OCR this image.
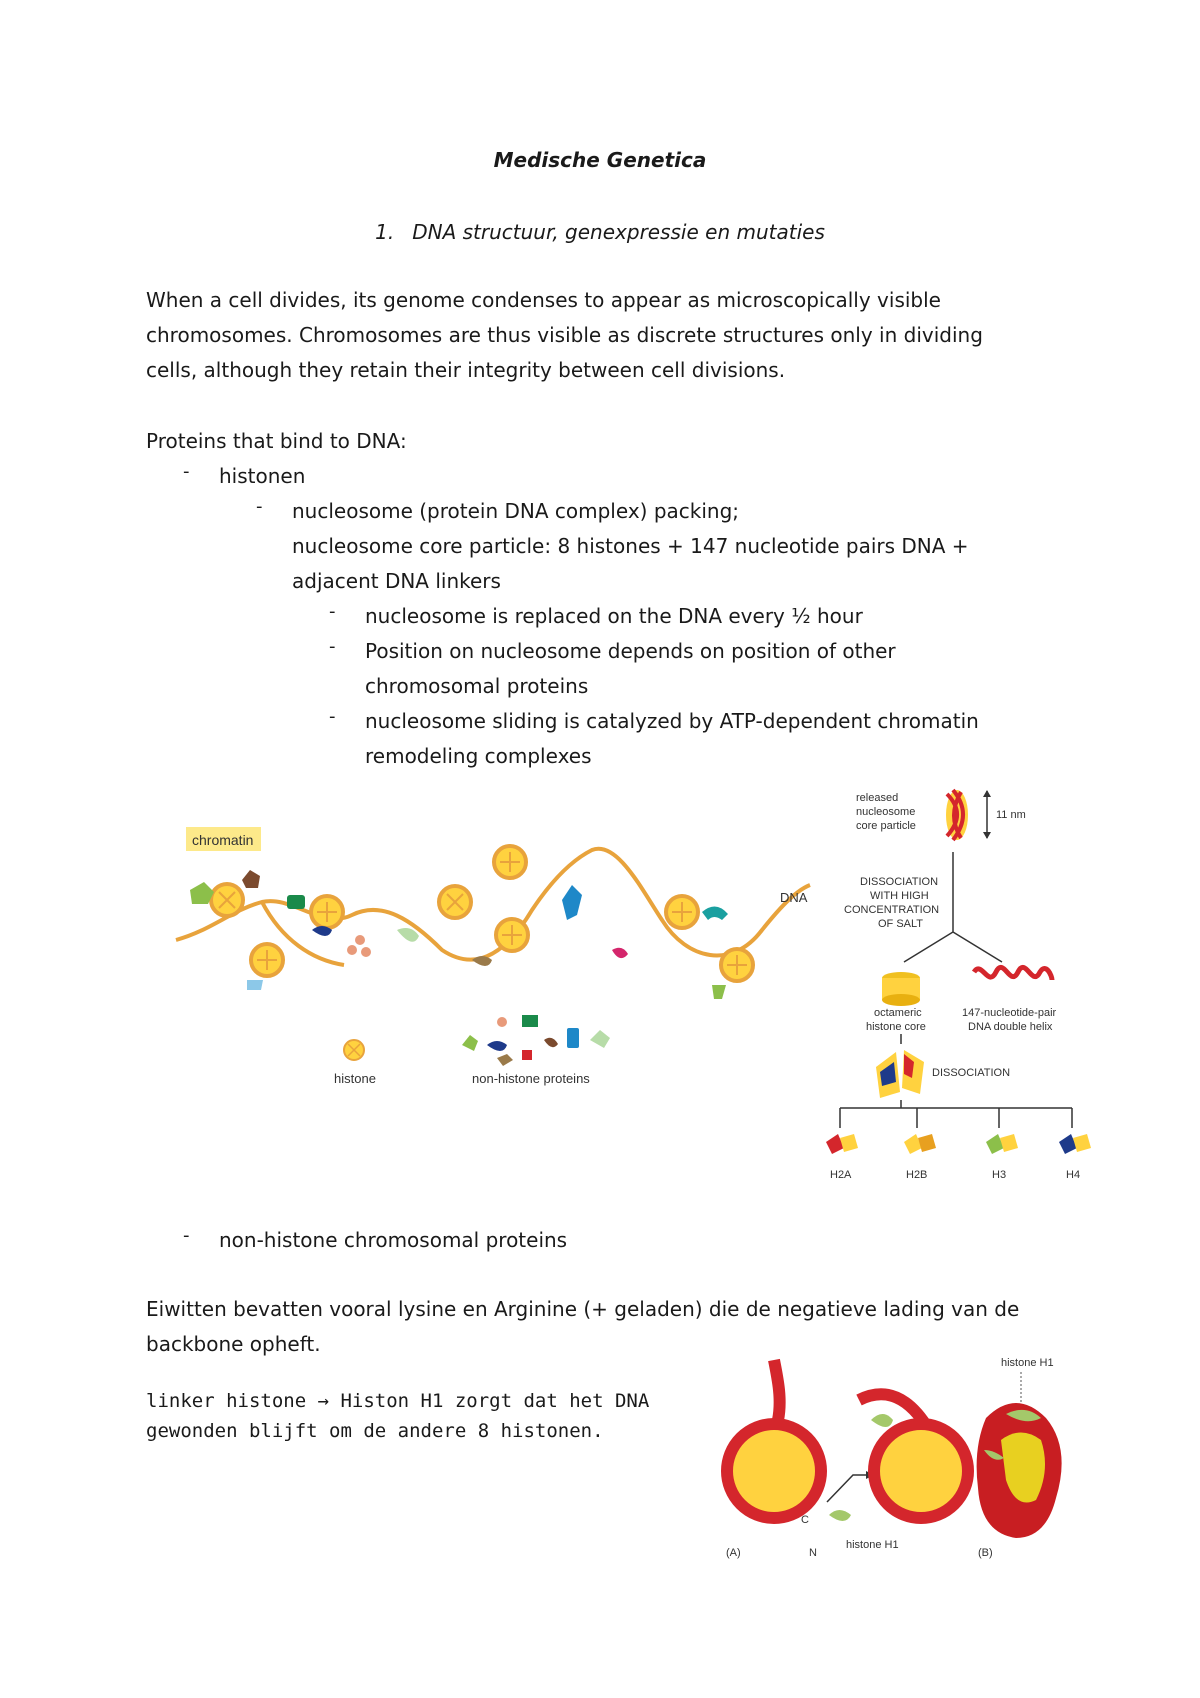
Medische Genetica
1. DNA structuur, genexpressie en mutaties
When a cell divides, its genome condenses to appear as microscopically visible
chromosomes. Chromosomes are thus visible as discrete structures only in dividing
cells, although they retain their integrity between cell divisions.
Proteins that bind to DNA:
- histonen
- nucleosome (protein DNA complex) packing;
nucleosome core particle: 8 histones + 147 nucleotide pairs DNA +
adjacent DNA linkers
- nucleosome is replaced on the DNA every ½ hour
- Position on nucleosome depends on position of other
chromosomal proteins
- nucleosome sliding is catalyzed by ATP-dependent chromatin
remodeling complexes
chromatin
DNA
histone	non-histone proteins
released
nucleosome
core particle
11 nm
DISSOCIATION
WITH HIGH
CONCENTRATION
OF SALT
octameric
histone core
147-nucleotide-pair
DNA double helix
DISSOCIATION
H2A	H2B	H3	H4
- non-histone chromosomal proteins
Eiwitten bevatten vooral lysine en Arginine (+ geladen) die de negatieve lading van de
backbone opheft.
linker histone → Histon H1 zorgt dat het DNA
gewonden blijft om de andere 8 histonen.
C
N
histone H1
(A)
histone H1
(B)
